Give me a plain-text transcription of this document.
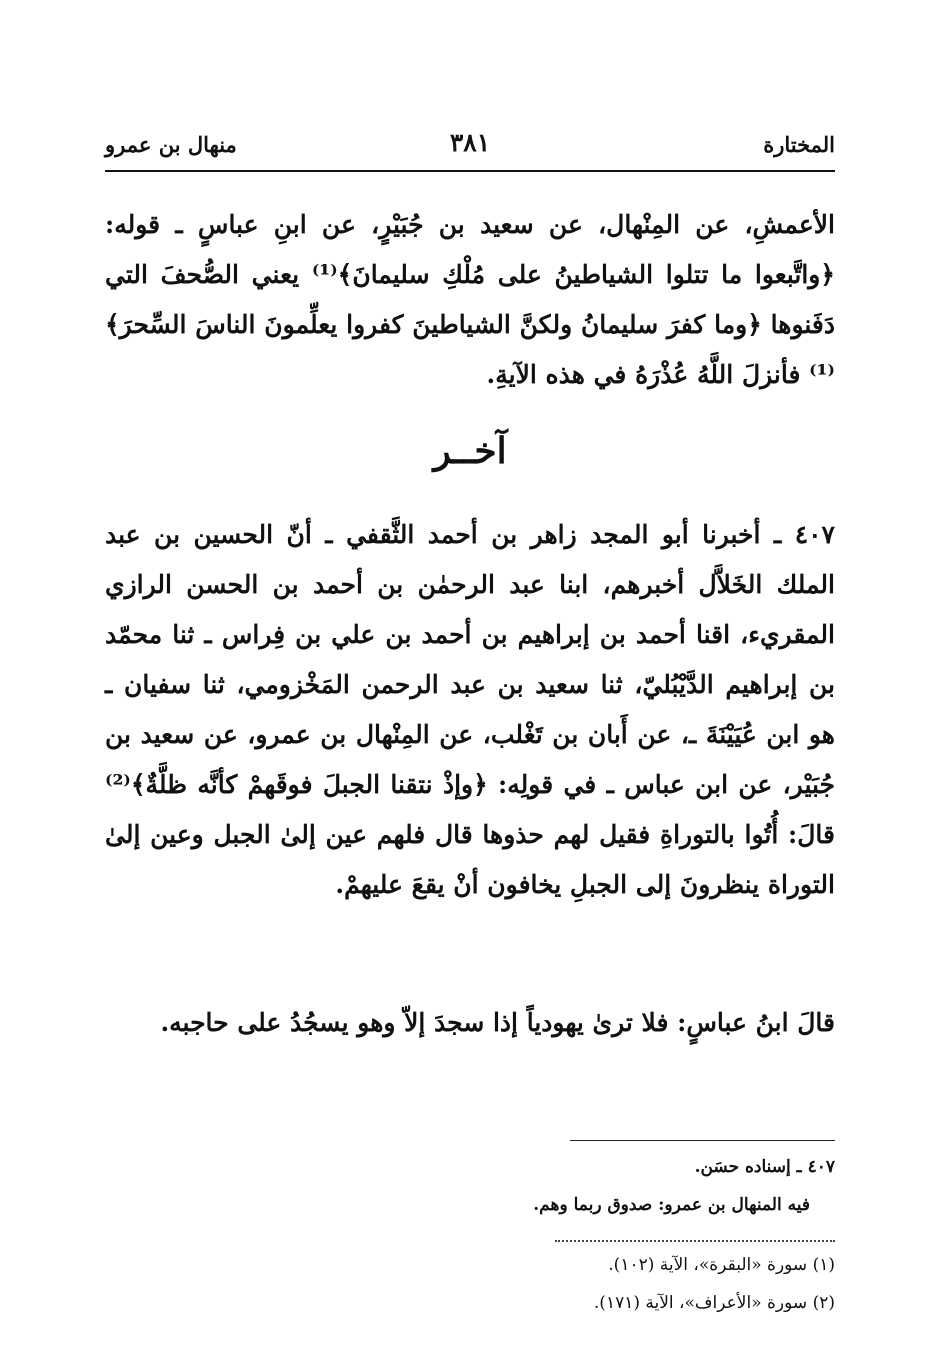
المختارة
٣٨١
منهال بن عمرو
الأعمشِ، عن المِنْهال، عن سعيد بن جُبَيْرٍ، عن ابنِ عباسٍ ـ قوله: ﴿واتَّبعوا ما تتلوا الشياطينُ على مُلْكِ سليمانَ﴾⁽¹⁾ يعني الصُّحفَ التي دَفَنوها ﴿وما كفرَ سليمانُ ولكنَّ الشياطينَ كفروا يعلِّمونَ الناسَ السِّحرَ﴾⁽¹⁾ فأنزلَ اللَّهُ عُذْرَهُ في هذه الآيةِ.
آخــر
٤٠٧ ـ أخبرنا أبو المجد زاهر بن أحمد الثَّقفي ـ أنّ الحسين بن عبد الملك الخَلاَّل أخبرهم، ابنا عبد الرحمٰن بن أحمد بن الحسن الرازي المقريء، اقنا أحمد بن إبراهيم بن أحمد بن علي بن فِراس ـ ثنا محمّد بن إبراهيم الدَّيْبُليّ، ثنا سعيد بن عبد الرحمن المَخْزومي، ثنا سفيان ـ هو ابن عُيَيْنَةَ ـ، عن أَبان بن تَغْلب، عن المِنْهال بن عمرو، عن سعيد بن جُبَيْر، عن ابن عباس ـ في قولِه: ﴿وإذْ نتقنا الجبلَ فوقَهمْ كأنَّه ظلَّةٌ﴾⁽²⁾ قالَ: أُتُوا بالتوراةِ فقيل لهم حذوها قال فلهم عين إلىٰ الجبل وعين إلىٰ التوراة ينظرونَ إلى الجبلِ يخافون أنْ يقعَ عليهمْ.
قالَ ابنُ عباسٍ: فلا ترىٰ يهودياً إذا سجدَ إلاّ وهو يسجُدُ على حاجبه.
٤٠٧ ـ إسناده حسَن.
فيه المنهال بن عمرو: صدوق ربما وهم.
(١) سورة «البقرة»، الآية (١٠٢).
(٢) سورة «الأعراف»، الآية (١٧١).
